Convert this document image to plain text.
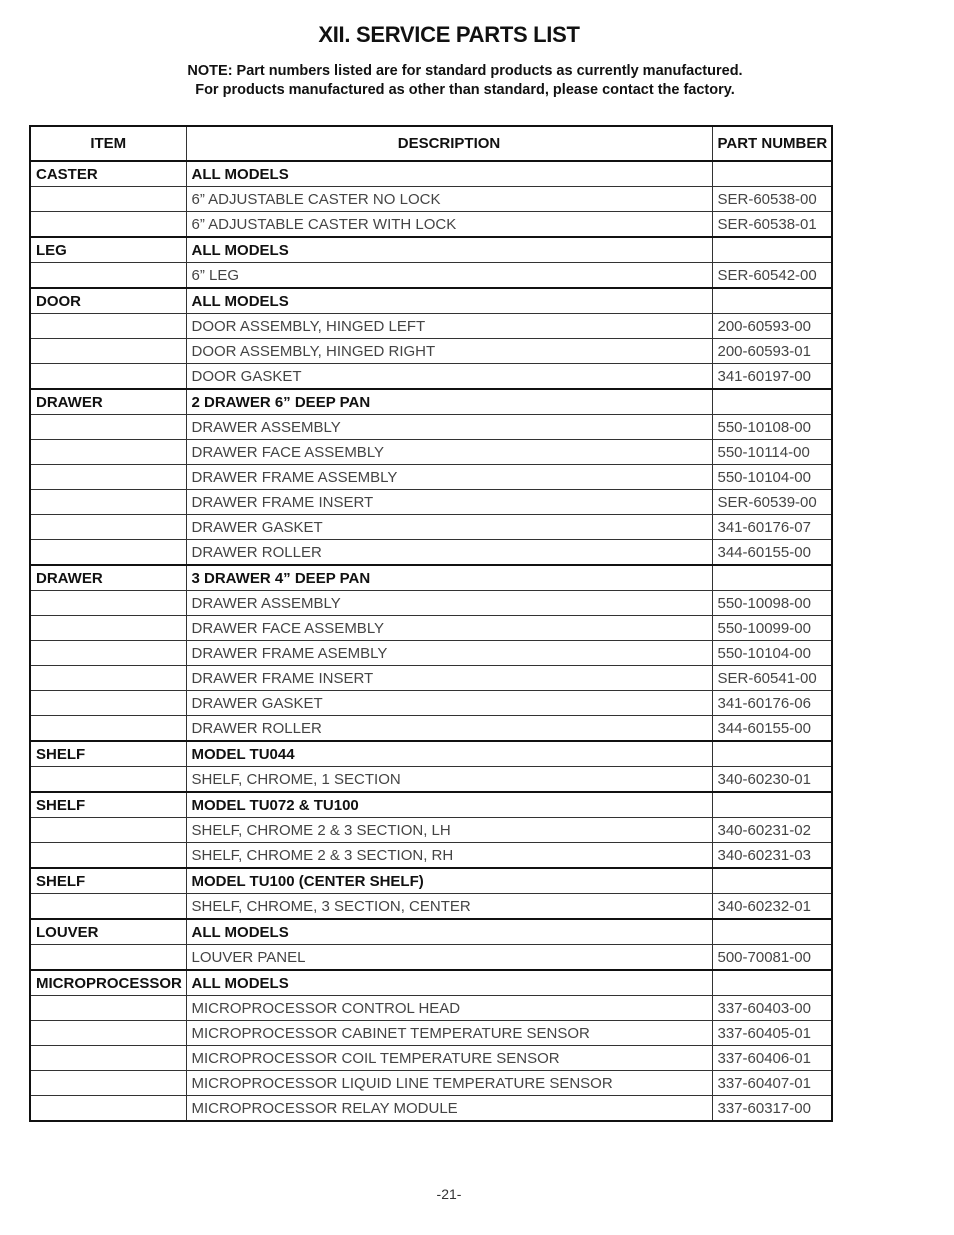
XII. SERVICE PARTS LIST
NOTE: Part numbers listed are for standard products as currently manufactured.
For products manufactured as other than standard, please contact the factory.
ITEM	DESCRIPTION	PART NUMBER
CASTER	ALL MODELS	
	6” ADJUSTABLE CASTER NO LOCK	SER-60538-00
	6” ADJUSTABLE CASTER WITH LOCK	SER-60538-01
LEG	ALL MODELS	
	6” LEG	SER-60542-00
DOOR	ALL MODELS	
	DOOR ASSEMBLY, HINGED LEFT	200-60593-00
	DOOR ASSEMBLY, HINGED RIGHT	200-60593-01
	DOOR GASKET	341-60197-00
DRAWER	2 DRAWER 6” DEEP PAN	
	DRAWER ASSEMBLY	550-10108-00
	DRAWER FACE ASSEMBLY	550-10114-00
	DRAWER FRAME ASSEMBLY	550-10104-00
	DRAWER FRAME INSERT	SER-60539-00
	DRAWER GASKET	341-60176-07
	DRAWER ROLLER	344-60155-00
DRAWER	3 DRAWER 4” DEEP PAN	
	DRAWER ASSEMBLY	550-10098-00
	DRAWER FACE ASSEMBLY	550-10099-00
	DRAWER FRAME ASEMBLY	550-10104-00
	DRAWER FRAME INSERT	SER-60541-00
	DRAWER GASKET	341-60176-06
	DRAWER ROLLER	344-60155-00
SHELF	MODEL TU044	
	SHELF, CHROME, 1 SECTION	340-60230-01
SHELF	MODEL TU072 & TU100	
	SHELF, CHROME 2 & 3 SECTION, LH	340-60231-02
	SHELF, CHROME 2 & 3 SECTION, RH	340-60231-03
SHELF	MODEL TU100 (CENTER SHELF)	
	SHELF, CHROME, 3 SECTION, CENTER	340-60232-01
LOUVER	ALL MODELS	
	LOUVER PANEL	500-70081-00
MICROPROCESSOR	ALL MODELS	
	MICROPROCESSOR CONTROL HEAD	337-60403-00
	MICROPROCESSOR CABINET TEMPERATURE SENSOR	337-60405-01
	MICROPROCESSOR COIL TEMPERATURE SENSOR	337-60406-01
	MICROPROCESSOR LIQUID LINE TEMPERATURE SENSOR	337-60407-01
	MICROPROCESSOR RELAY MODULE	337-60317-00
-21-
